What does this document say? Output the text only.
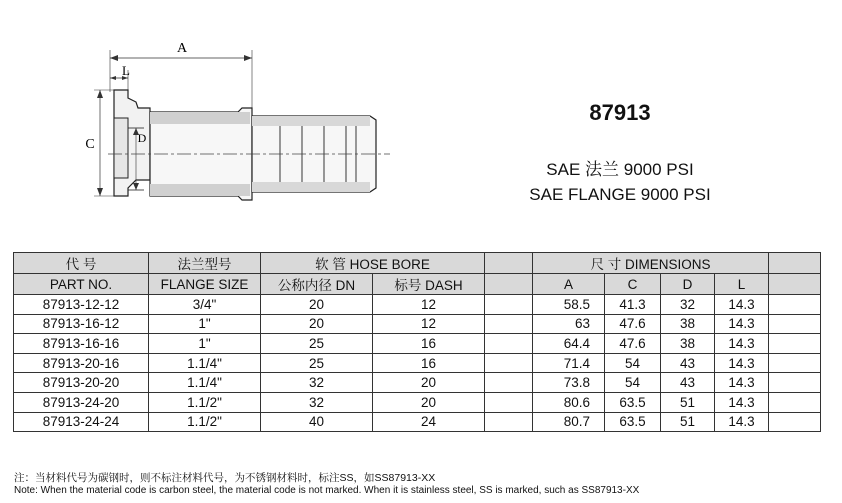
A
L
C	D
87913
SAE 法兰 9000 PSI
SAE FLANGE 9000 PSI
代 号	法兰型号	软 管 HOSE BORE			尺 寸 DIMENSIONS				
PART NO.	FLANGE SIZE	公称内径 DN	标号 DASH		A	C	D	L	
87913-12-12	3/4"	20	12		58.5	41.3	32	14.3	
87913-16-12	1"	20	12		63	47.6	38	14.3	
87913-16-16	1"	25	16		64.4	47.6	38	14.3	
87913-20-16	1.1/4"	25	16		71.4	54	43	14.3	
87913-20-20	1.1/4"	32	20		73.8	54	43	14.3	
87913-24-20	1.1/2"	32	20		80.6	63.5	51	14.3	
87913-24-24	1.1/2"	40	24		80.7	63.5	51	14.3	
注：当材料代号为碳钢时，则不标注材料代号，为不锈钢材料时，标注SS，如SS87913-XX
Note: When the material code is carbon steel, the material code is not marked. When it is stainless steel, SS is marked, such as SS87913-XX
